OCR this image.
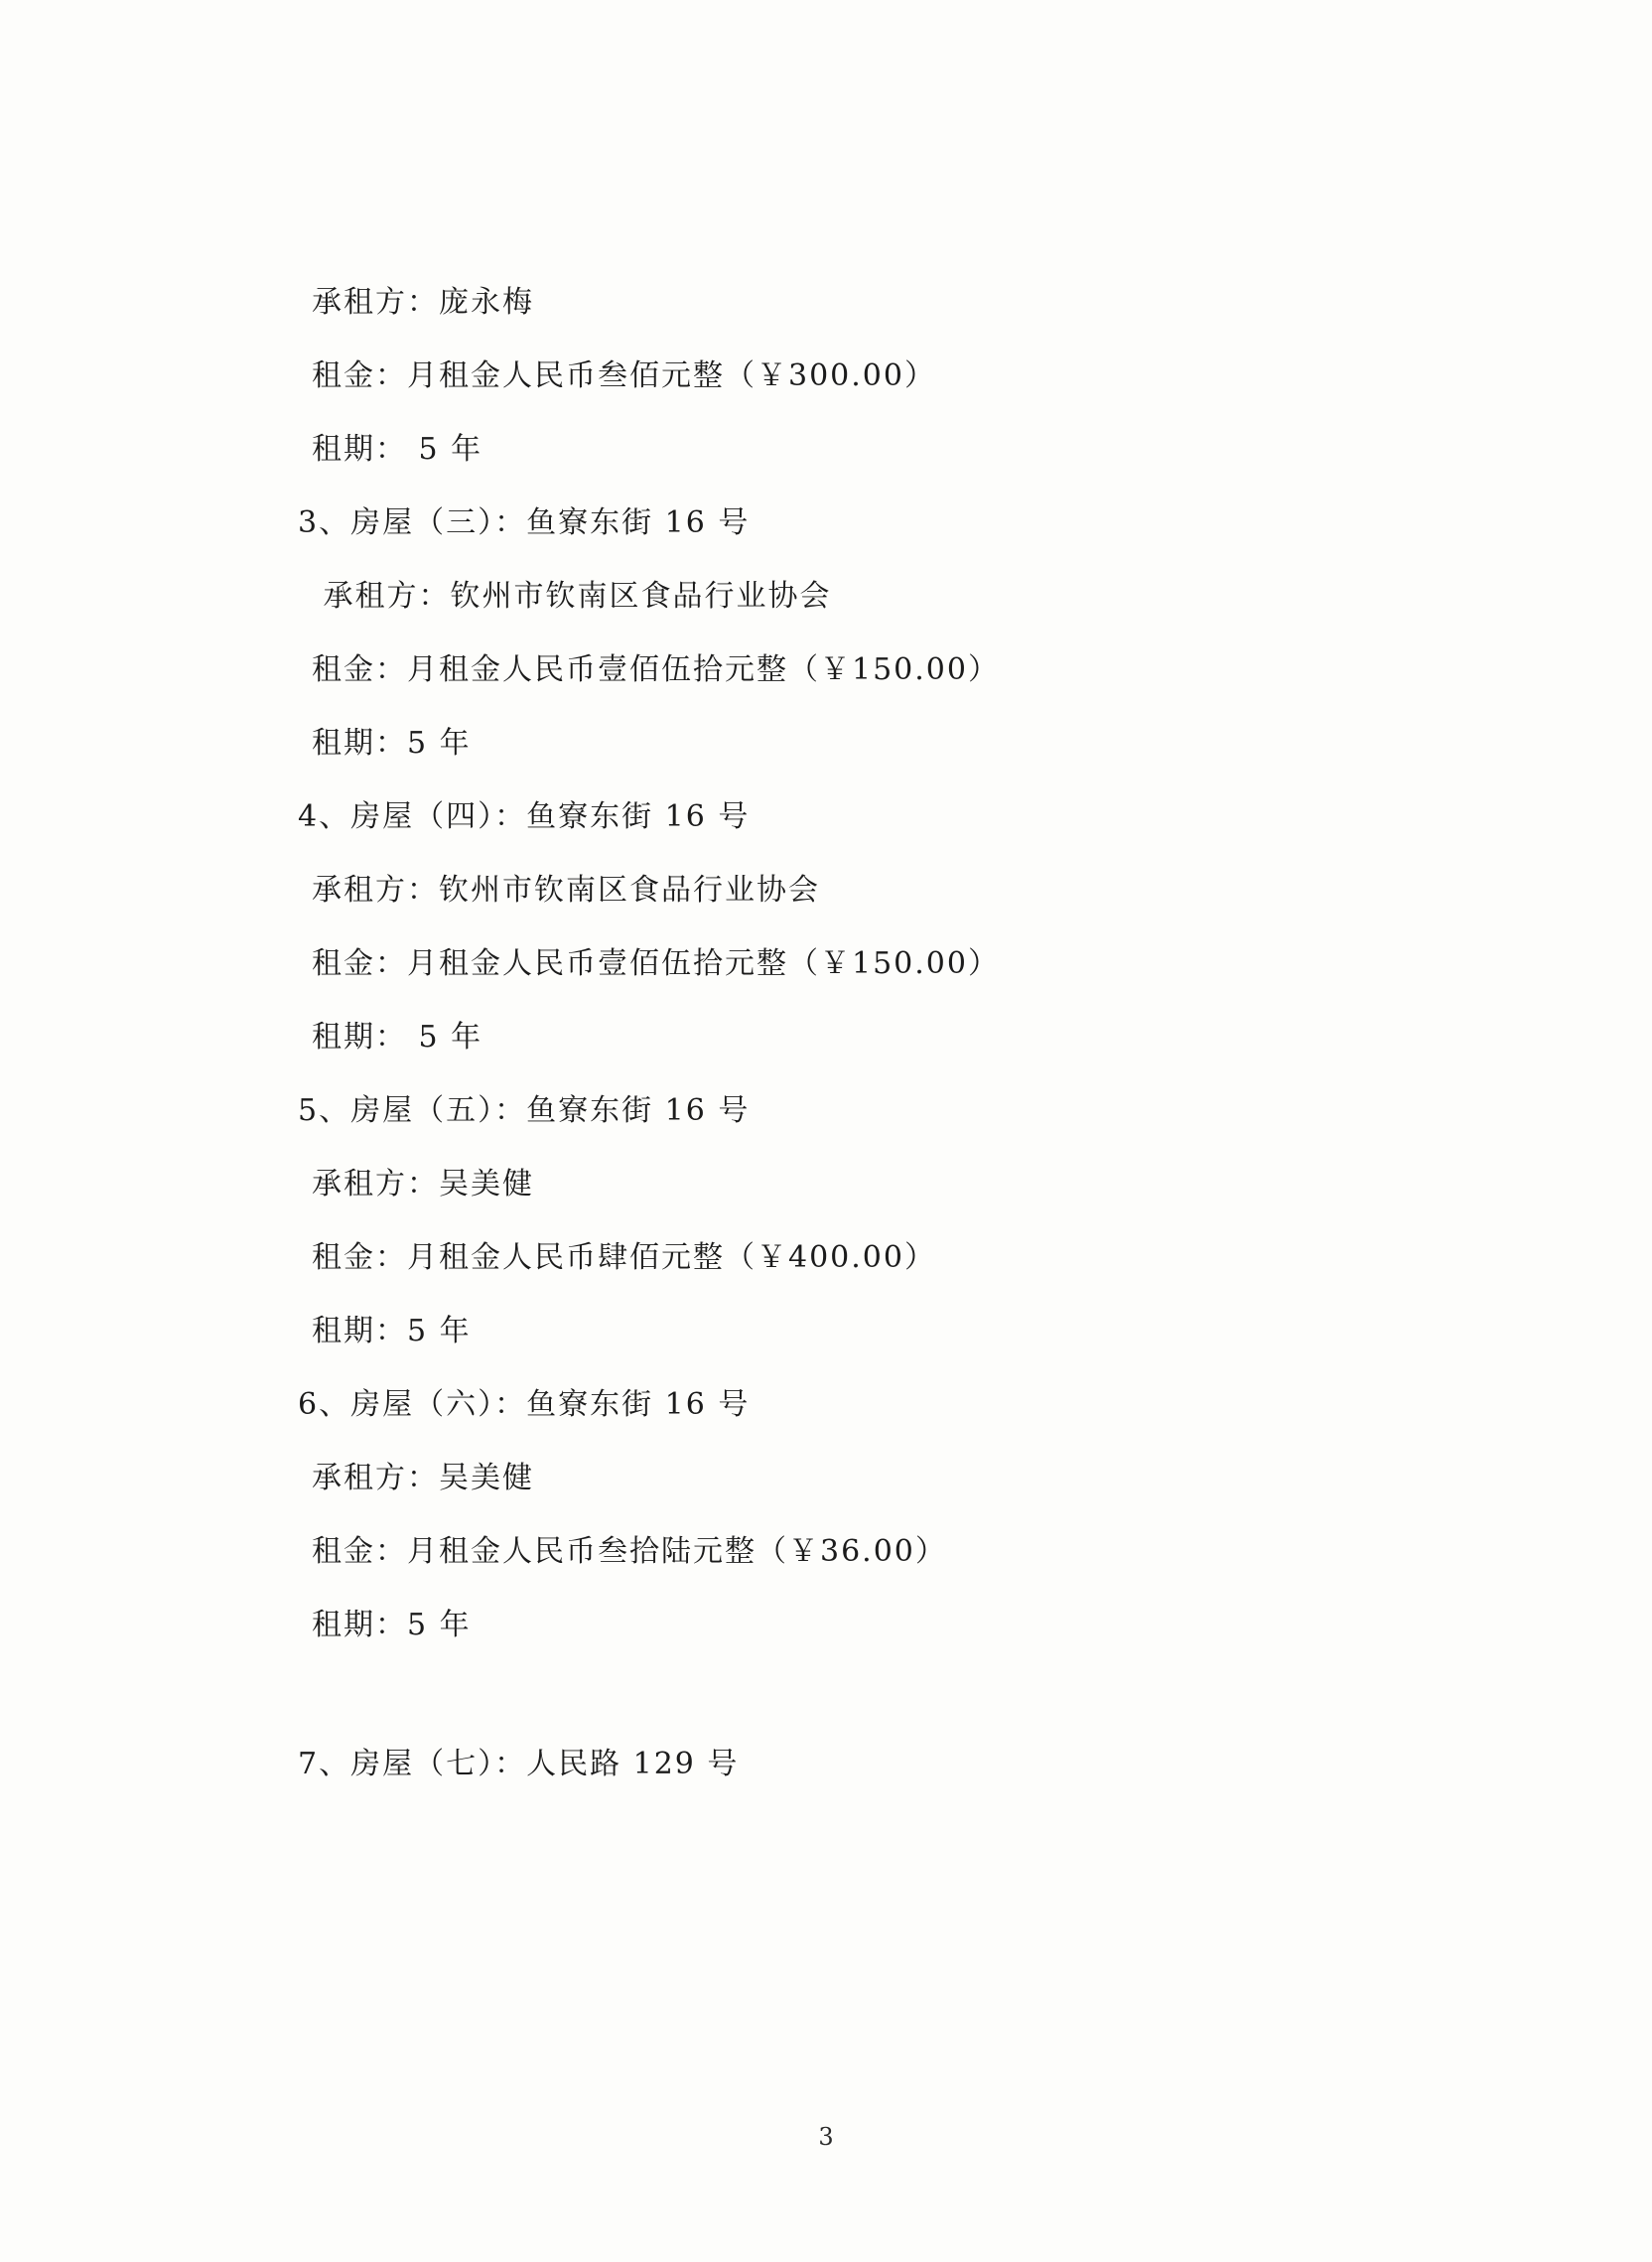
承租方：庞永梅
租金：月租金人民币叁佰元整（￥300.00）
租期： 5 年
3、房屋（三）：鱼寮东街 16 号
承租方：钦州市钦南区食品行业协会
租金：月租金人民币壹佰伍拾元整（￥150.00）
租期：5 年
4、房屋（四）：鱼寮东街 16 号
承租方：钦州市钦南区食品行业协会
租金：月租金人民币壹佰伍拾元整（￥150.00）
租期： 5 年
5、房屋（五）：鱼寮东街 16 号
承租方：吴美健
租金：月租金人民币肆佰元整（￥400.00）
租期：5 年
6、房屋（六）：鱼寮东街 16 号
承租方：吴美健
租金：月租金人民币叁拾陆元整（￥36.00）
租期：5 年
7、房屋（七）：人民路 129 号
3
